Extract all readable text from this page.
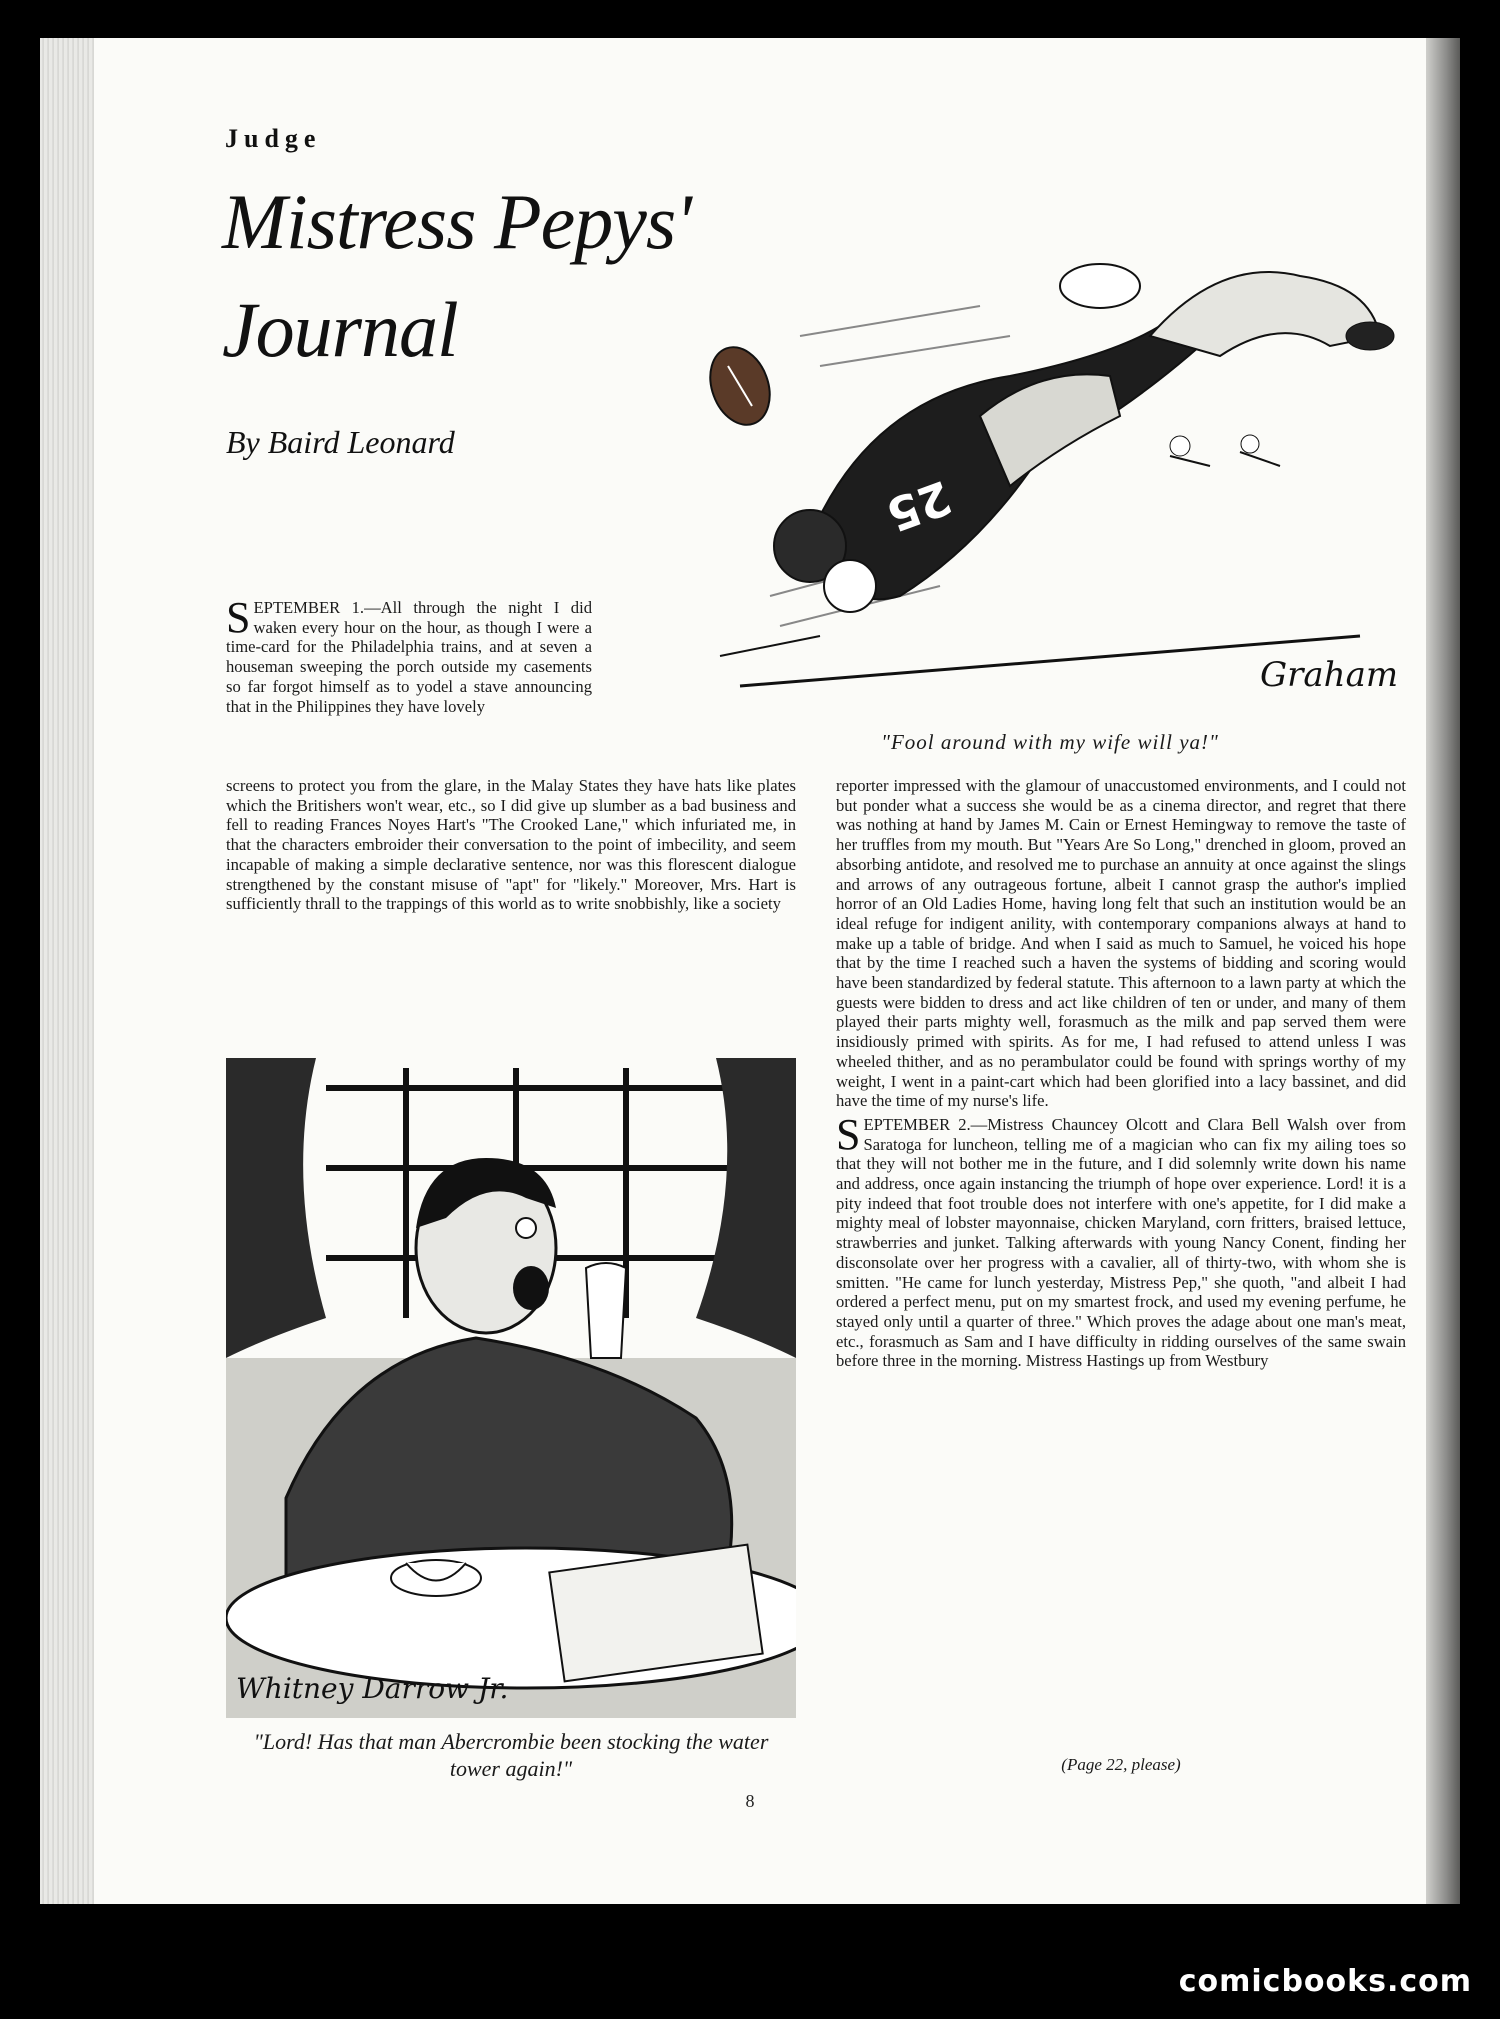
Judge
Mistress Pepys'
Journal
By Baird Leonard
25
Graham
"Fool around with my wife will ya!"
SEPTEMBER 1.—All through the night I did waken every hour on the hour, as though I were a time-card for the Philadelphia trains, and at seven a houseman sweeping the porch outside my casements so far forgot himself as to yodel a stave announcing that in the Philippines they have lovely
screens to protect you from the glare, in the Malay States they have hats like plates which the Britishers won't wear, etc., so I did give up slumber as a bad business and fell to reading Frances Noyes Hart's "The Crooked Lane," which infuriated me, in that the characters embroider their conversation to the point of imbecility, and seem incapable of making a simple declarative sentence, nor was this florescent dialogue strengthened by the constant misuse of "apt" for "likely." Moreover, Mrs. Hart is sufficiently thrall to the trappings of this world as to write snobbishly, like a society
Whitney Darrow Jr.
"Lord! Has that man Abercrombie been stocking the water tower again!"

reporter impressed with the glamour of unaccustomed environments, and I could not but ponder what a success she would be as a cinema director, and regret that there was nothing at hand by James M. Cain or Ernest Hemingway to remove the taste of her truffles from my mouth. But "Years Are So Long," drenched in gloom, proved an absorbing antidote, and resolved me to purchase an annuity at once against the slings and arrows of any outrageous fortune, albeit I cannot grasp the author's implied horror of an Old Ladies Home, having long felt that such an institution would be an ideal refuge for indigent anility, with contemporary companions always at hand to make up a table of bridge. And when I said as much to Samuel, he voiced his hope that by the time I reached such a haven the systems of bidding and scoring would have been standardized by federal statute. This afternoon to a lawn party at which the guests were bidden to dress and act like children of ten or under, and many of them played their parts mighty well, forasmuch as the milk and pap served them were insidiously primed with spirits. As for me, I had refused to attend unless I was wheeled thither, and as no perambulator could be found with springs worthy of my weight, I went in a paint-cart which had been glorified into a lacy bassinet, and did have the time of my nurse's life.

SEPTEMBER 2.—Mistress Chauncey Olcott and Clara Bell Walsh over from Saratoga for luncheon, telling me of a magician who can fix my ailing toes so that they will not bother me in the future, and I did solemnly write down his name and address, once again instancing the triumph of hope over experience. Lord! it is a pity indeed that foot trouble does not interfere with one's appetite, for I did make a mighty meal of lobster mayonnaise, chicken Maryland, corn fritters, braised lettuce, strawberries and junket. Talking afterwards with young Nancy Conent, finding her disconsolate over her progress with a cavalier, all of thirty-two, with whom she is smitten. "He came for lunch yesterday, Mistress Pep," she quoth, "and albeit I had ordered a perfect menu, put on my smartest frock, and used my evening perfume, he stayed only until a quarter of three." Which proves the adage about one man's meat, etc., forasmuch as Sam and I have difficulty in ridding ourselves of the same swain before three in the morning. Mistress Hastings up from Westbury

(Page 22, please)
8
comicbooks.com
